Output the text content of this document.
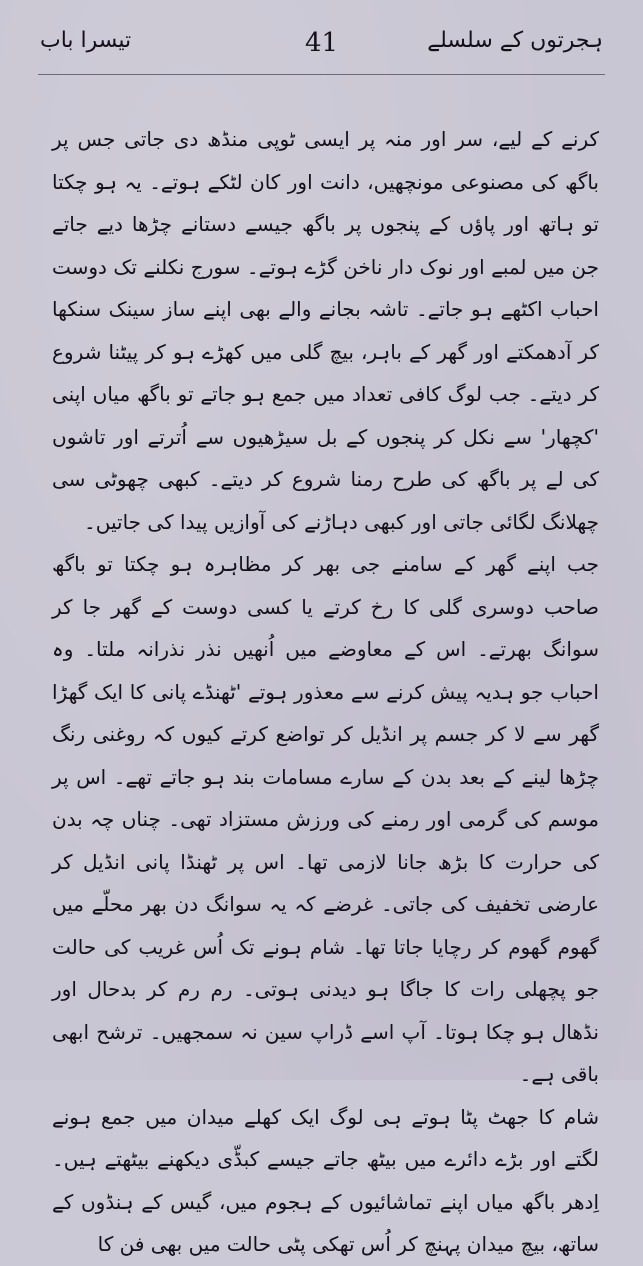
تیسرا باب	41	ہجرتوں کے سلسلے

کرنے کے لیے، سر اور منہ پر ایسی ٹوپی منڈھ دی جاتی جس پر باگھ کی مصنوعی مونچھیں، دانت اور کان لٹکے ہوتے۔ یہ ہو چکتا تو ہاتھ اور پاؤں کے پنجوں پر باگھ جیسے دستانے چڑھا دیے جاتے جن میں لمبے اور نوک دار ناخن گڑے ہوتے۔ سورج نکلنے تک دوست احباب اکٹھے ہو جاتے۔ تاشہ بجانے والے بھی اپنے ساز سینک سنکھا کر آدھمکتے اور گھر کے باہر، بیچ گلی میں کھڑے ہو کر پیٹنا شروع کر دیتے۔ جب لوگ کافی تعداد میں جمع ہو جاتے تو باگھ میاں اپنی 'کچھار' سے نکل کر پنجوں کے بل سیڑھیوں سے اُترتے اور تاشوں کی لے پر باگھ کی طرح رمنا شروع کر دیتے۔ کبھی چھوٹی سی چھلانگ لگائی جاتی اور کبھی دہاڑنے کی آوازیں پیدا کی جاتیں۔

جب اپنے گھر کے سامنے جی بھر کر مظاہرہ ہو چکتا تو باگھ صاحب دوسری گلی کا رخ کرتے یا کسی دوست کے گھر جا کر سوانگ بھرتے۔ اس کے معاوضے میں اُنھیں نذر نذرانہ ملتا۔ وہ احباب جو ہدیہ پیش کرنے سے معذور ہوتے 'ٹھنڈے پانی کا ایک گھڑا گھر سے لا کر جسم پر انڈیل کر تواضع کرتے کیوں کہ روغنی رنگ چڑھا لینے کے بعد بدن کے سارے مسامات بند ہو جاتے تھے۔ اس پر موسم کی گرمی اور رمنے کی ورزش مستزاد تھی۔ چناں چہ بدن کی حرارت کا بڑھ جانا لازمی تھا۔ اس پر ٹھنڈا پانی انڈیل کر عارضی تخفیف کی جاتی۔ غرضے کہ یہ سوانگ دن بھر محلّے میں گھوم گھوم کر رچایا جاتا تھا۔ شام ہونے تک اُس غریب کی حالت جو پچھلی رات کا جاگا ہو دیدنی ہوتی۔ رم رم کر بدحال اور نڈھال ہو چکا ہوتا۔ آپ اسے ڈراپ سین نہ سمجھیں۔ ترشح ابھی باقی ہے۔

شام کا جھٹ پٹا ہوتے ہی لوگ ایک کھلے میدان میں جمع ہونے لگتے اور بڑے دائرے میں بیٹھ جاتے جیسے کبڈّی دیکھنے بیٹھتے ہیں۔ اِدھر باگھ میاں اپنے تماشائیوں کے ہجوم میں، گیس کے ہنڈوں کے ساتھ، بیچ میدان پہنچ کر اُس تھکی پٹی حالت میں بھی فن کا
